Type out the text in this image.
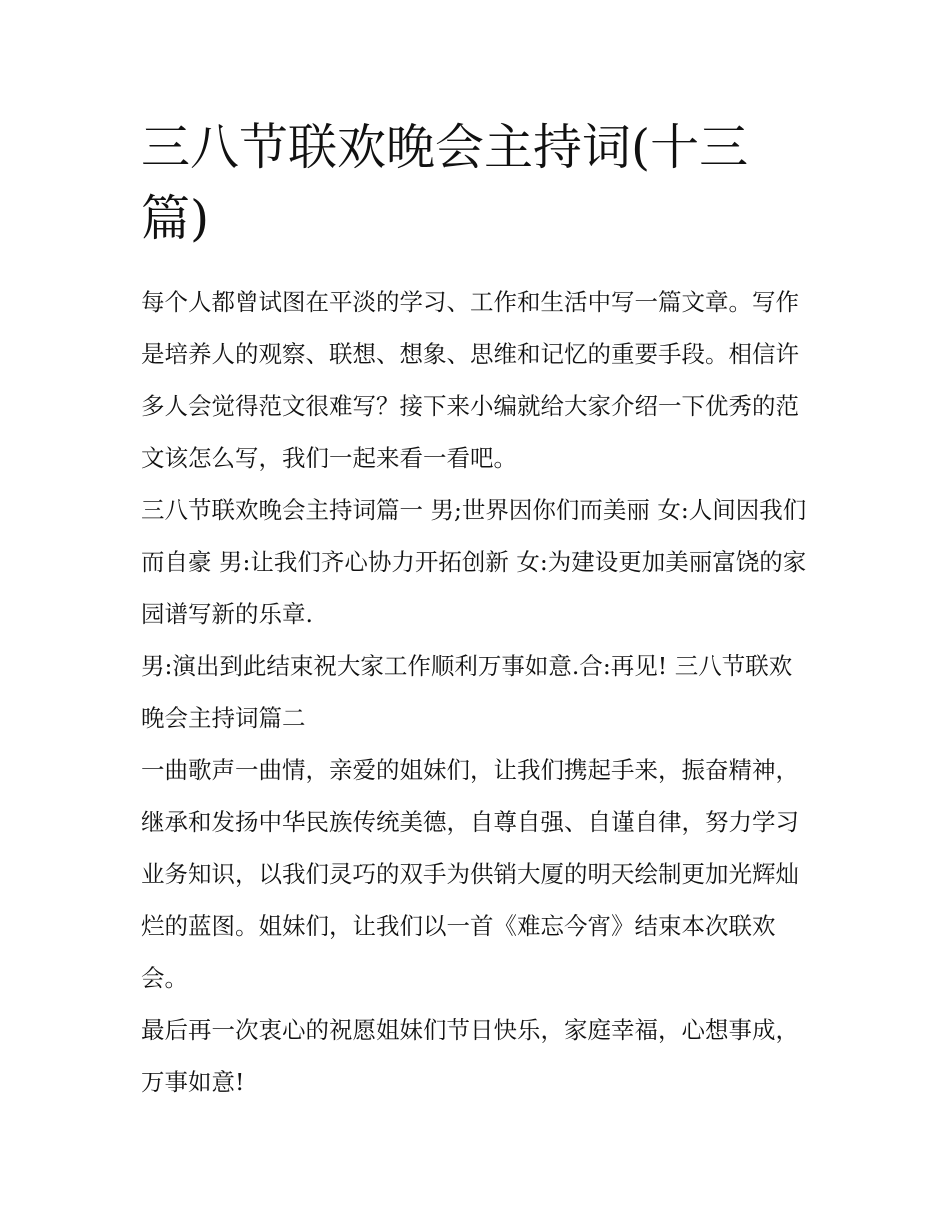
三八节联欢晚会主持词(十三篇)

每个人都曾试图在平淡的学习、工作和生活中写一篇文章。写作是培养人的观察、联想、想象、思维和记忆的重要手段。相信许多人会觉得范文很难写？接下来小编就给大家介绍一下优秀的范文该怎么写，我们一起来看一看吧。

三八节联欢晚会主持词篇一 男;世界因你们而美丽 女:人间因我们而自豪 男:让我们齐心协力开拓创新 女:为建设更加美丽富饶的家园谱写新的乐章.

男:演出到此结束祝大家工作顺利万事如意.合:再见! 三八节联欢晚会主持词篇二

一曲歌声一曲情，亲爱的姐妹们，让我们携起手来，振奋精神，继承和发扬中华民族传统美德，自尊自强、自谨自律，努力学习业务知识，以我们灵巧的双手为供销大厦的明天绘制更加光辉灿烂的蓝图。姐妹们，让我们以一首《难忘今宵》结束本次联欢会。

最后再一次衷心的祝愿姐妹们节日快乐，家庭幸福，心想事成，万事如意!
